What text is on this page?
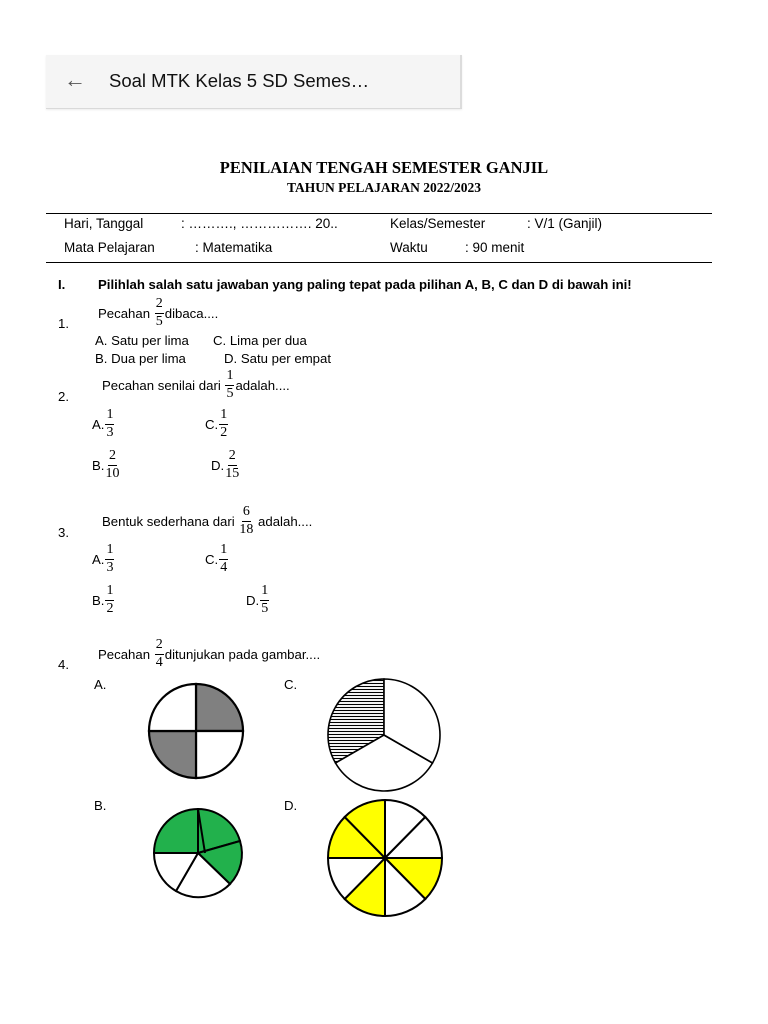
←	Soal MTK Kelas 5 SD Semes…
PENILAIAN TENGAH SEMESTER GANJIL
TAHUN PELAJARAN 2022/2023
Hari, Tanggal	: ………., ……………. 20..	Kelas/Semester	: V/1 (Ganjil)
Mata Pelajaran	: Matematika	Waktu	: 90 menit
I. Pilihlah salah satu jawaban yang paling tepat pada pilihan A, B, C dan D di bawah ini!
1.
Pecahan
$\frac{2}{5}$ dibaca....
A. Satu per lima C. Lima per dua
B. Dua per lima	D. Satu per empat
2.
Pecahan senilai dari
$\frac{1}{5}$ adalah....
A. $\frac{1}{3}$	C. $\frac{1}{2}$
B. $\frac{2}{10}$	D. $\frac{2}{15}$
3.
Bentuk sederhana dari
$\frac{6}{18}$
adalah....
A. $\frac{1}{3}$	C. $\frac{1}{4}$
B. $\frac{1}{2}$	D. $\frac{1}{5}$
4.
Pecahan
$\frac{2}{4}$ ditunjukan pada gambar....
A.	C.
B.	D.
